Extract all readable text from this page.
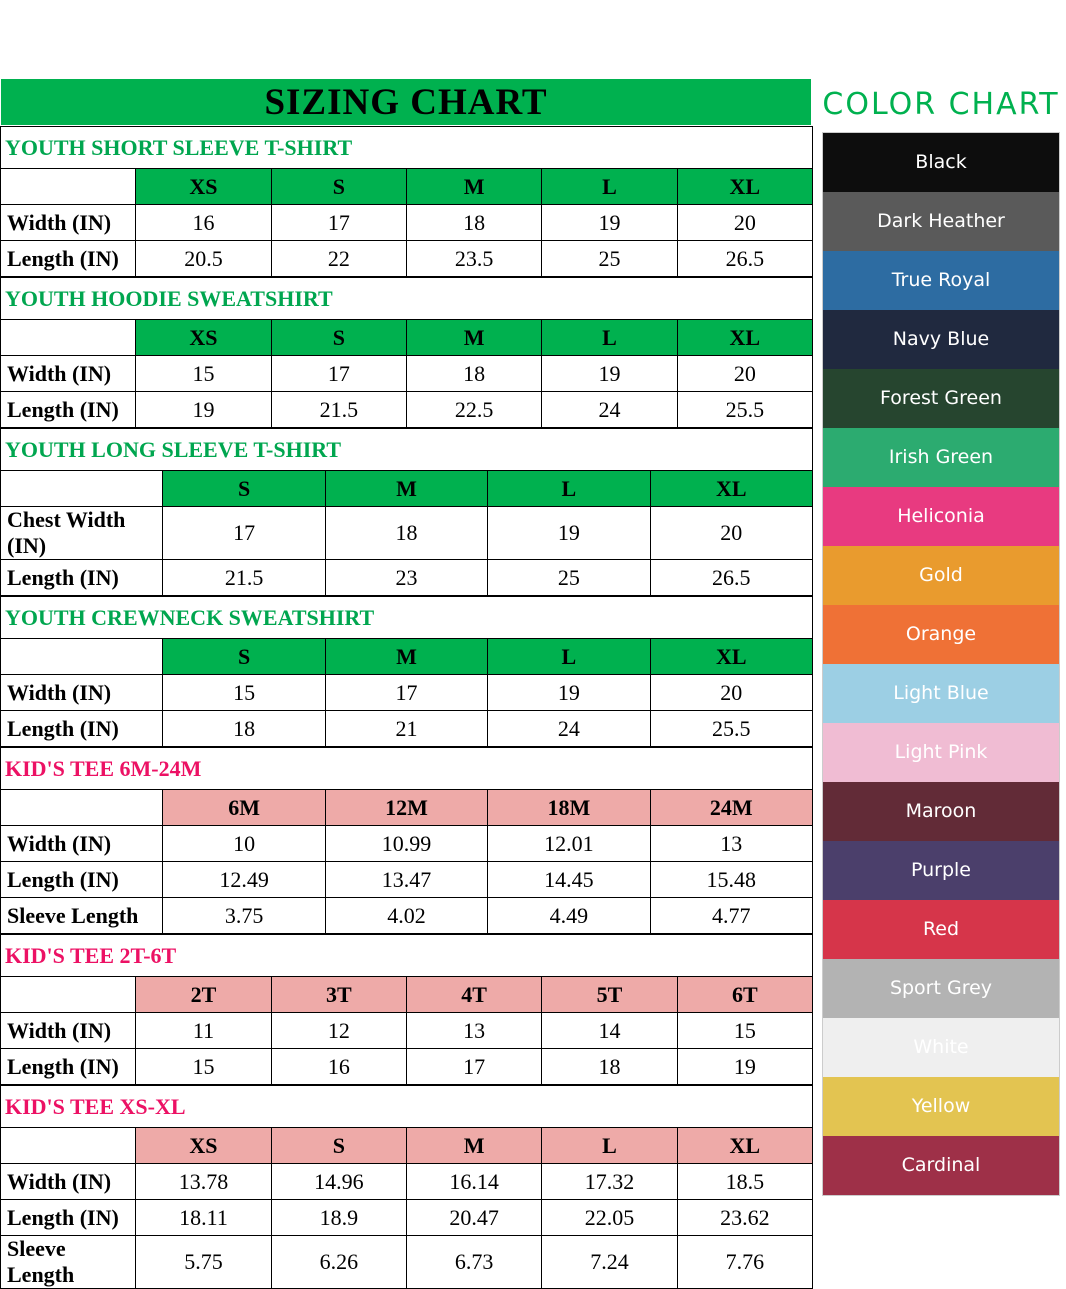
SIZING CHART
YOUTH SHORT SLEEVE T-SHIRT					
	XS	S	M	L	XL
Width (IN)	16	17	18	19	20
Length (IN)	20.5	22	23.5	25	26.5
YOUTH HOODIE SWEATSHIRT					
	XS	S	M	L	XL
Width (IN)	15	17	18	19	20
Length (IN)	19	21.5	22.5	24	25.5
YOUTH LONG SLEEVE T-SHIRT					
	S	M	L	XL	
Chest Width (IN)	17	18	19	20	
Length (IN)	21.5	23	25	26.5	
YOUTH CREWNECK SWEATSHIRT					
	S	M	L	XL	
Width (IN)	15	17	19	20	
Length (IN)	18	21	24	25.5	
KID'S TEE 6M-24M					
	6M	12M	18M	24M	
Width (IN)	10	10.99	12.01	13	
Length (IN)	12.49	13.47	14.45	15.48	
Sleeve Length	3.75	4.02	4.49	4.77	
KID'S TEE 2T-6T					
	2T	3T	4T	5T	6T
Width (IN)	11	12	13	14	15
Length (IN)	15	16	17	18	19
KID'S TEE XS-XL					
	XS	S	M	L	XL
Width (IN)	13.78	14.96	16.14	17.32	18.5
Length (IN)	18.11	18.9	20.47	22.05	23.62
Sleeve Length	5.75	6.26	6.73	7.24	7.76
COLOR CHART
Black
Dark Heather
True Royal
Navy Blue
Forest Green
Irish Green
Heliconia
Gold
Orange
Light Blue
Light Pink
Maroon
Purple
Red
Sport Grey
White
Yellow
Cardinal
